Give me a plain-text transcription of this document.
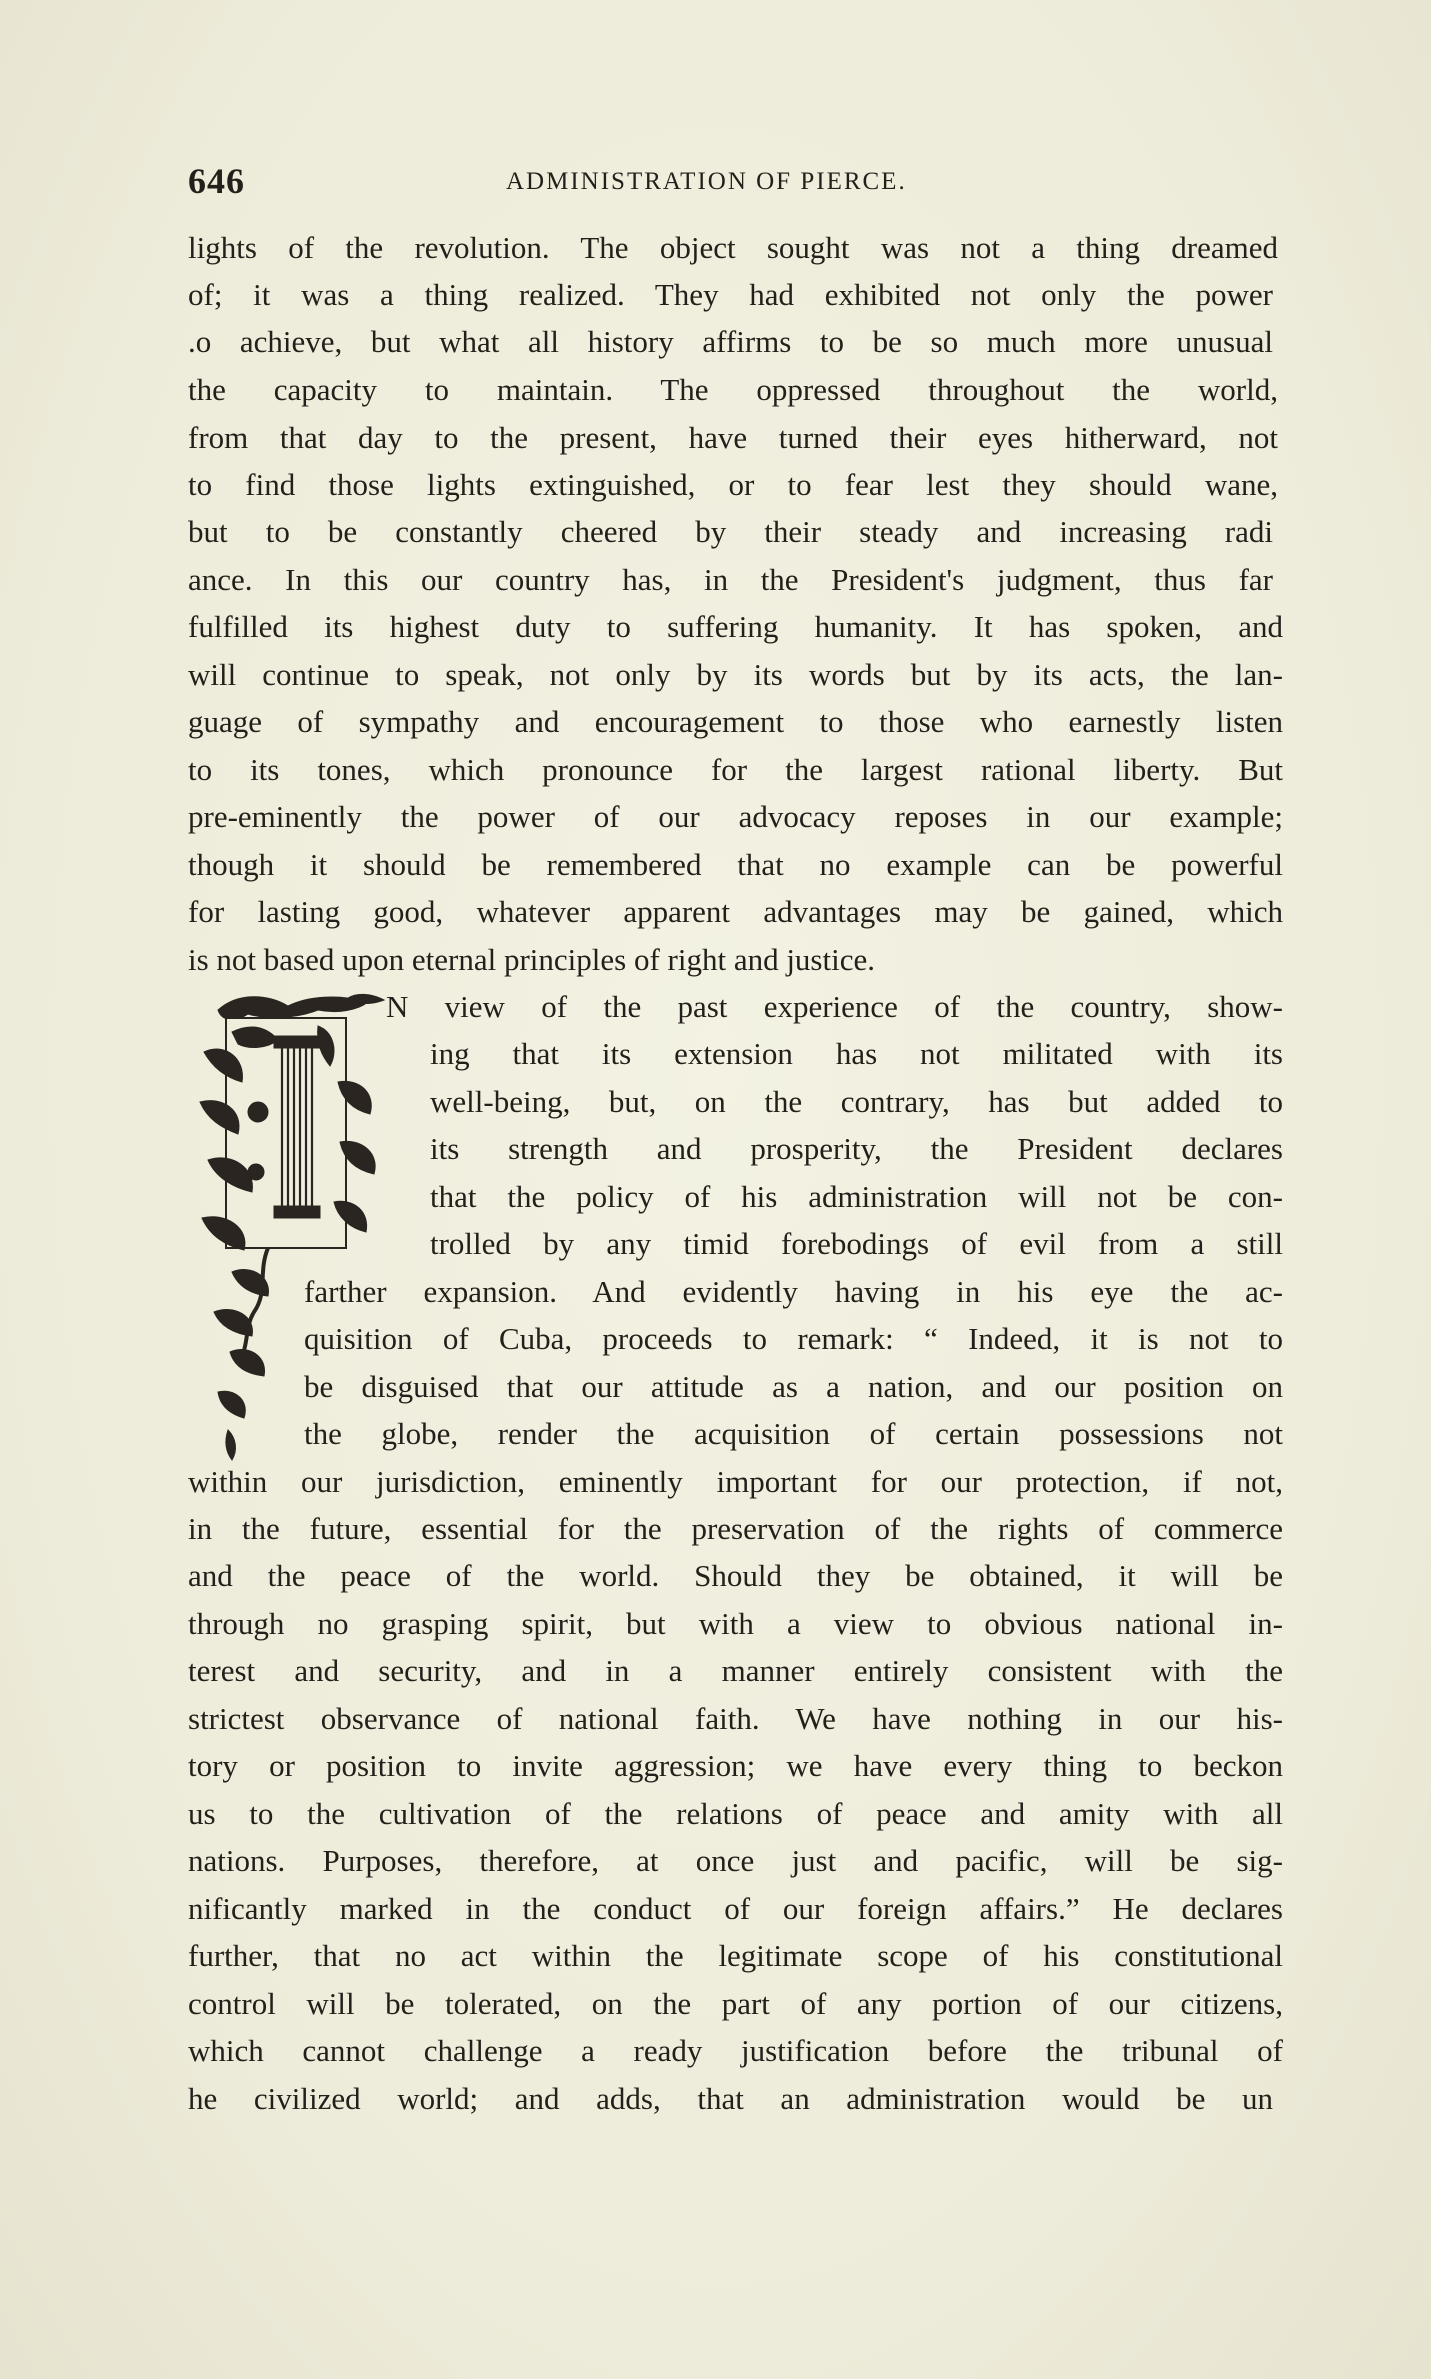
646	ADMINISTRATION OF PIERCE.
lights of the revolution. The object sought was not a thing dreamed
of; it was a thing realized. They had exhibited not only the power
.o achieve, but what all history affirms to be so much more unusual
the capacity to maintain. The oppressed throughout the world,
from that day to the present, have turned their eyes hitherward, not
to find those lights extinguished, or to fear lest they should wane,
but to be constantly cheered by their steady and increasing radi
ance. In this our country has, in the President's judgment, thus far
fulfilled its highest duty to suffering humanity. It has spoken, and
will continue to speak, not only by its words but by its acts, the lan-
guage of sympathy and encouragement to those who earnestly listen
to its tones, which pronounce for the largest rational liberty. But
pre-eminently the power of our advocacy reposes in our example;
though it should be remembered that no example can be powerful
for lasting good, whatever apparent advantages may be gained, which
is not based upon eternal principles of right and justice.
N view of the past experience of the country, show-
ing that its extension has not militated with its
well-being, but, on the contrary, has but added to
its strength and prosperity, the President declares
that the policy of his administration will not be con-
trolled by any timid forebodings of evil from a still
farther expansion. And evidently having in his eye the ac-
quisition of Cuba, proceeds to remark: “ Indeed, it is not to
be disguised that our attitude as a nation, and our position on
the globe, render the acquisition of certain possessions not
within our jurisdiction, eminently important for our protection, if not,
in the future, essential for the preservation of the rights of commerce
and the peace of the world. Should they be obtained, it will be
through no grasping spirit, but with a view to obvious national in-
terest and security, and in a manner entirely consistent with the
strictest observance of national faith. We have nothing in our his-
tory or position to invite aggression; we have every thing to beckon
us to the cultivation of the relations of peace and amity with all
nations. Purposes, therefore, at once just and pacific, will be sig-
nificantly marked in the conduct of our foreign affairs.” He declares
further, that no act within the legitimate scope of his constitutional
control will be tolerated, on the part of any portion of our citizens,
which cannot challenge a ready justification before the tribunal of
he civilized world; and adds, that an administration would be un
